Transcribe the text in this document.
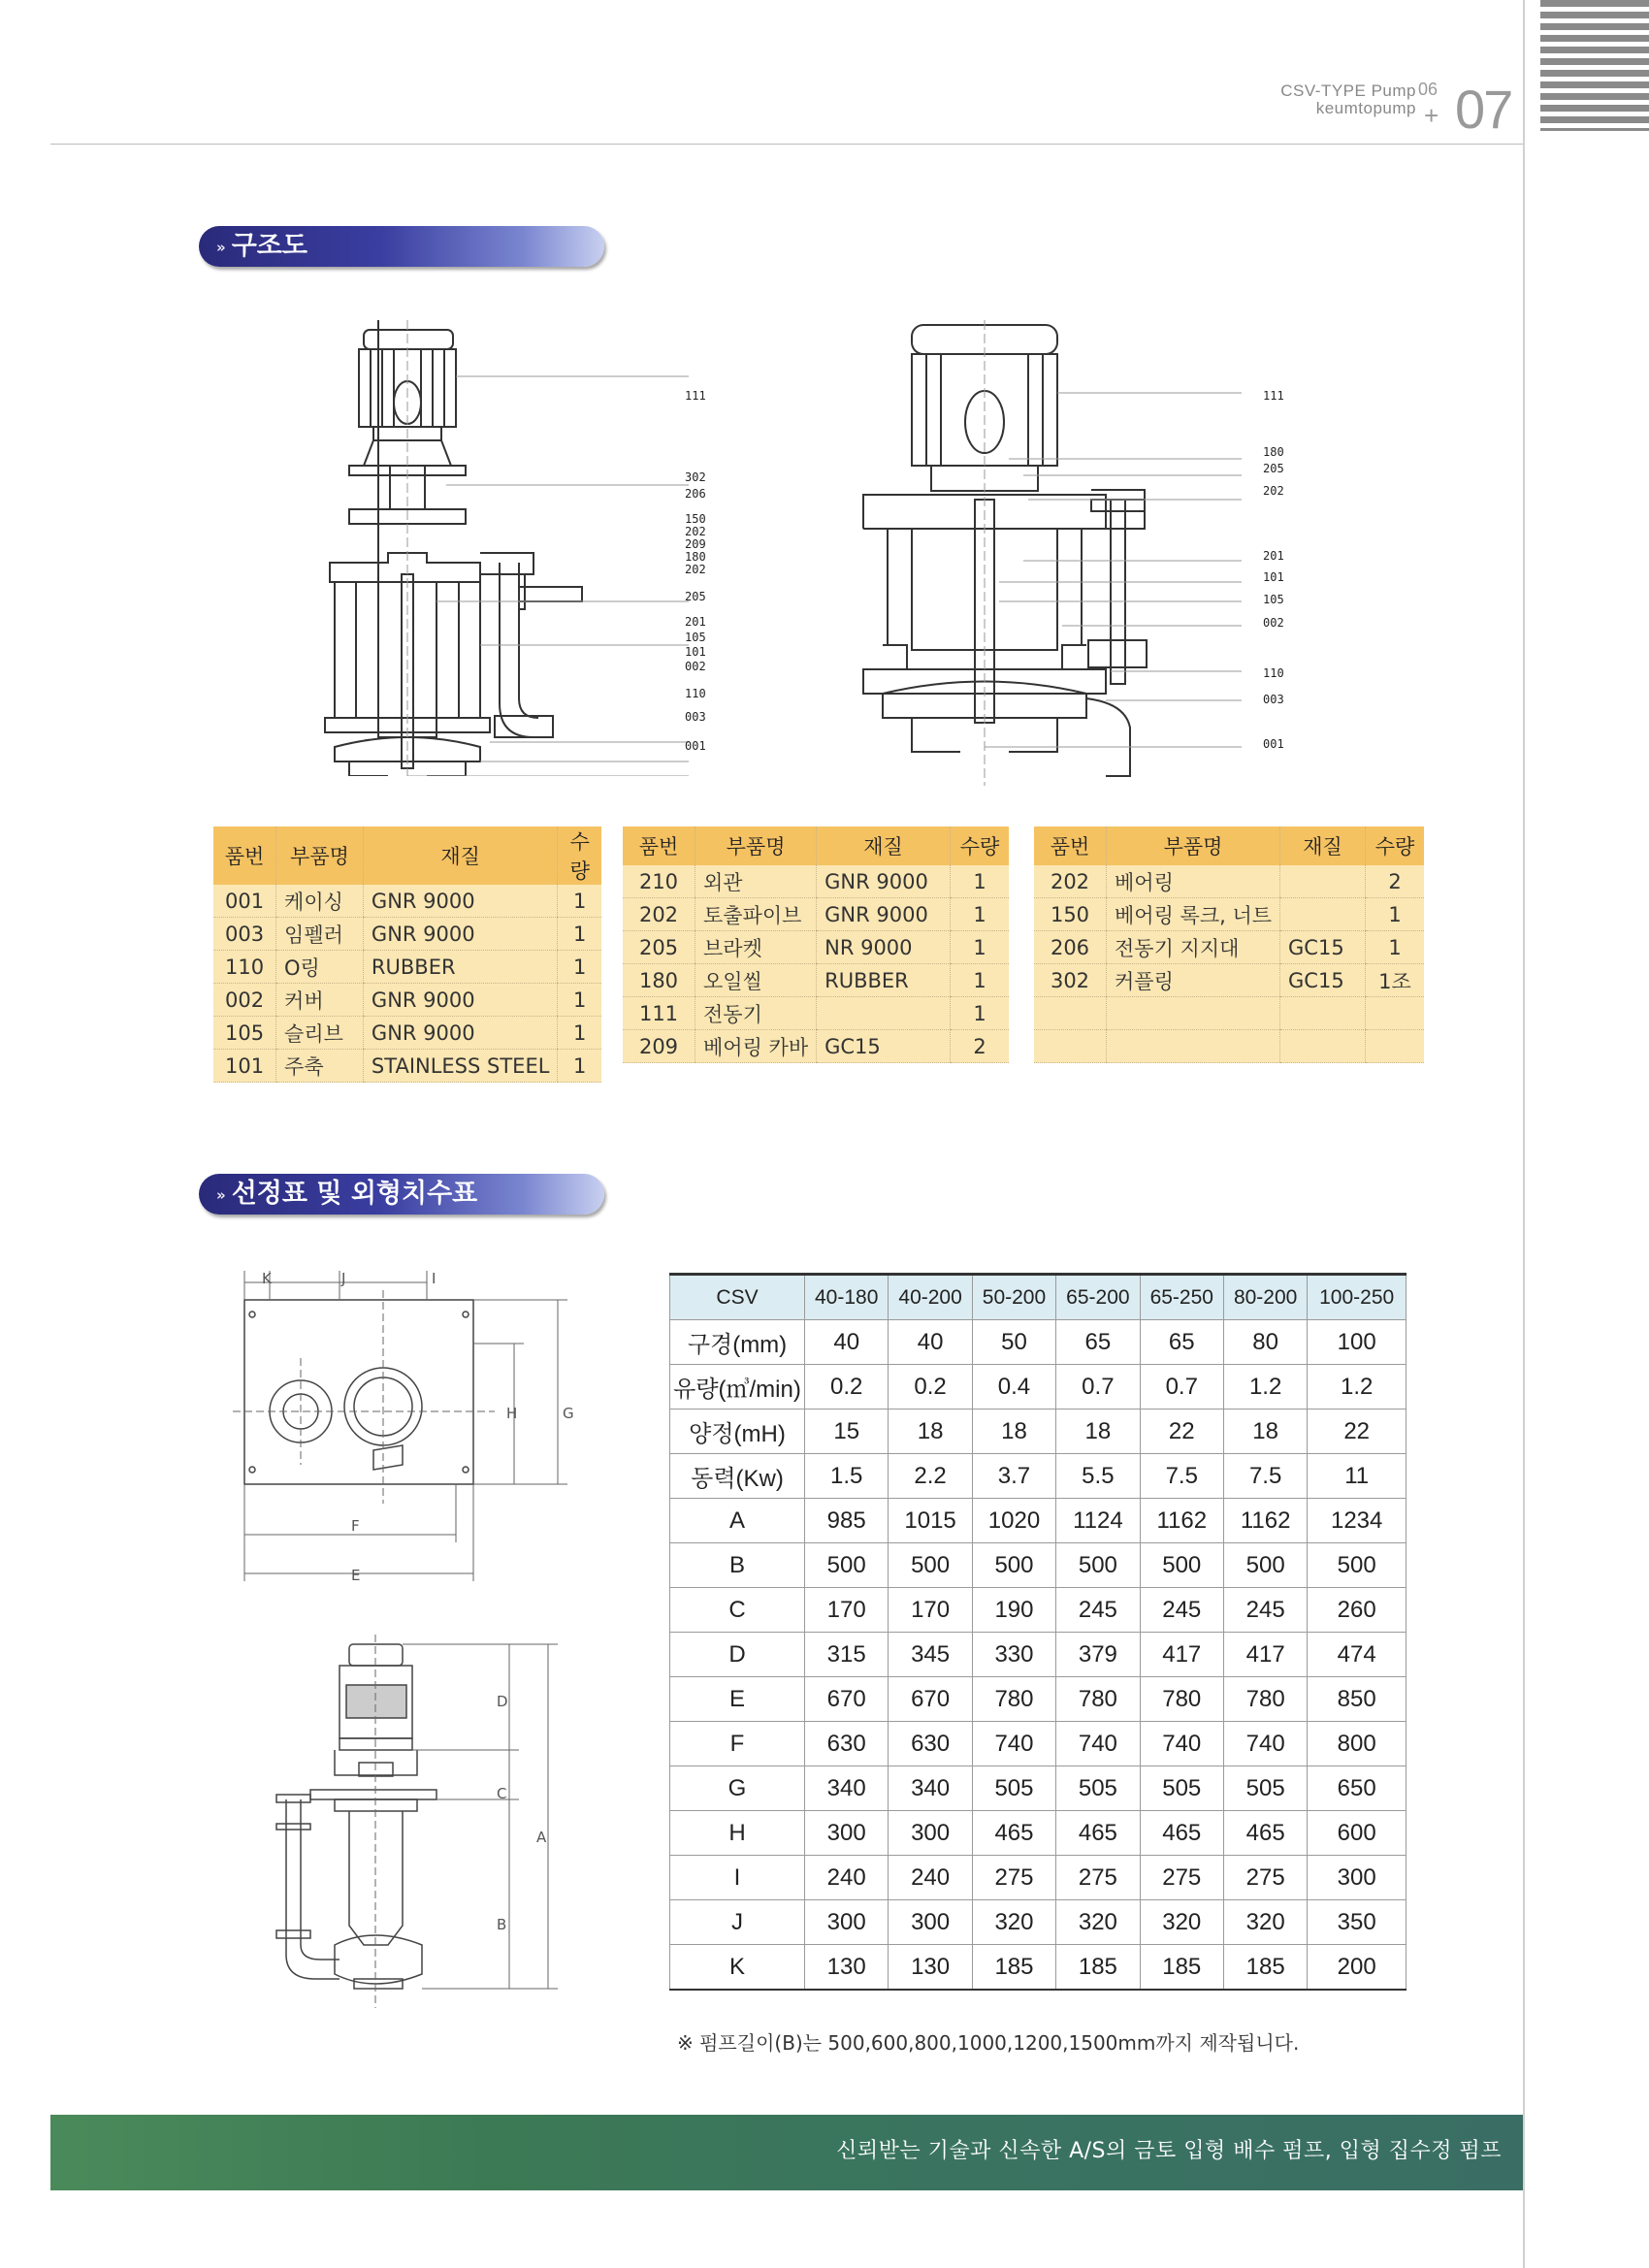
CSV-TYPE Pump
keumtopump
06
+ 07
» 구조도
111
302
206
150
202
209
180
202
205
201
105
101
002
110
003
001
111
180
205
202
201
101
105
002
110
003
001
품번	부품명	재질	수량
001	케이싱	GNR 9000	1
003	임펠러	GNR 9000	1
110	O링	RUBBER	1
002	커버	GNR 9000	1
105	슬리브	GNR 9000	1
101	주축	STAINLESS STEEL	1
품번	부품명	재질	수량
210	외관	GNR 9000	1
202	토출파이브	GNR 9000	1
205	브라켓	NR 9000	1
180	오일씰	RUBBER	1
111	전동기		1
209	베어링 카바	GC15	2
품번	부품명	재질	수량
202	베어링		2
150	베어링 록크, 너트		1
206	전동기 지지대	GC15	1
302	커플링	GC15	1조

» 선정표 및 외형치수표
K	J	I
H	G
F
E
D
C
B
A
CSV	40-180	40-200	50-200	65-200	65-250	80-200	100-250
구경(mm)	40	40	50	65	65	80	100
유량(㎥/min)	0.2	0.2	0.4	0.7	0.7	1.2	1.2
양정(mH)	15	18	18	18	22	18	22
동력(Kw)	1.5	2.2	3.7	5.5	7.5	7.5	11
A	985	1015	1020	1124	1162	1162	1234
B	500	500	500	500	500	500	500
C	170	170	190	245	245	245	260
D	315	345	330	379	417	417	474
E	670	670	780	780	780	780	850
F	630	630	740	740	740	740	800
G	340	340	505	505	505	505	650
H	300	300	465	465	465	465	600
I	240	240	275	275	275	275	300
J	300	300	320	320	320	320	350
K	130	130	185	185	185	185	200
※ 펌프길이(B)는 500,600,800,1000,1200,1500mm까지 제작됩니다.
신뢰받는 기술과 신속한 A/S의 금토 입형 배수 펌프, 입형 집수정 펌프
